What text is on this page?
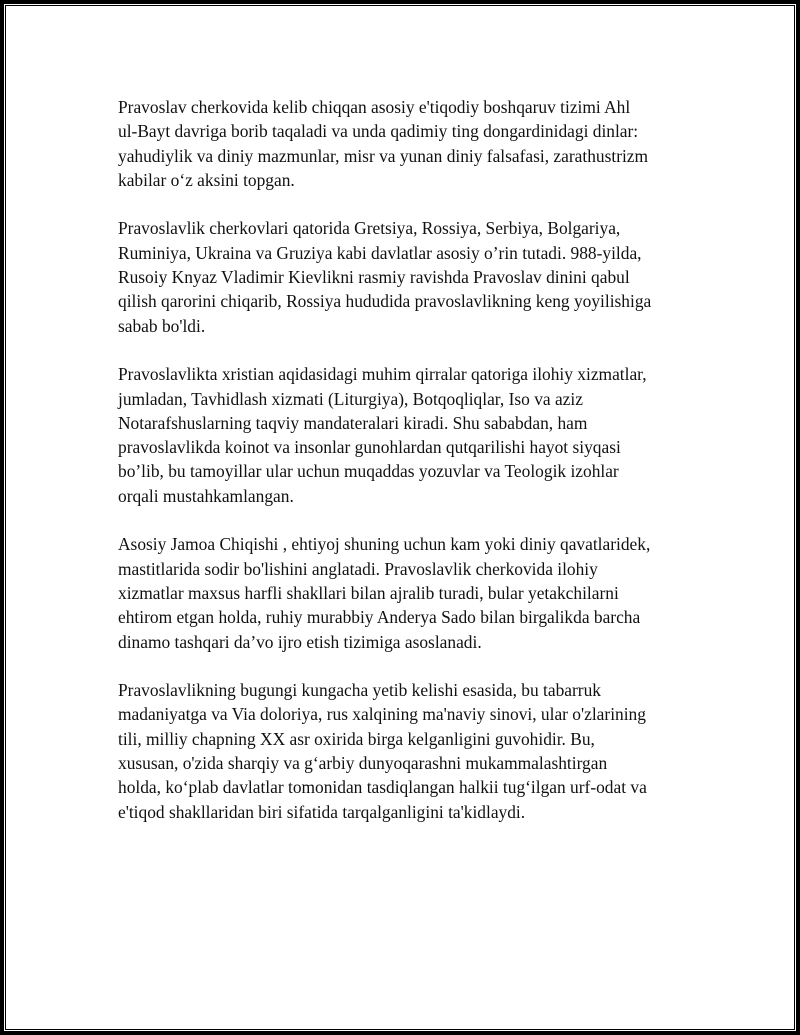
Pravoslav cherkovida kelib chiqqan asosiy e'tiqodiy boshqaruv tizimi Ahl
ul-Bayt davriga borib taqaladi va unda qadimiy ting dongardinidagi dinlar:
yahudiylik va diniy mazmunlar, misr va yunan diniy falsafasi, zarathustrizm
kabilar o‘z aksini topgan.

Pravoslavlik cherkovlari qatorida Gretsiya, Rossiya, Serbiya, Bolgariya,
Ruminiya, Ukraina va Gruziya kabi davlatlar asosiy o’rin tutadi. 988-yilda,
Rusoiy Knyaz Vladimir Kievlikni rasmiy ravishda Pravoslav dinini qabul
qilish qarorini chiqarib, Rossiya hududida pravoslavlikning keng yoyilishiga
sabab bo'ldi.

Pravoslavlikta xristian aqidasidagi muhim qirralar qatoriga ilohiy xizmatlar,
jumladan, Tavhidlash xizmati (Liturgiya), Botqoqliqlar, Iso va aziz
Notarafshuslarning taqviy mandateralari kiradi. Shu sababdan, ham
pravoslavlikda koinot va insonlar gunohlardan qutqarilishi hayot siyqasi
bo’lib, bu tamoyillar ular uchun muqaddas yozuvlar va Teologik izohlar
orqali mustahkamlangan.

Asosiy Jamoa Chiqishi , ehtiyoj shuning uchun kam yoki diniy qavatlaridek,
mastitlarida sodir bo'lishini anglatadi. Pravoslavlik cherkovida ilohiy
xizmatlar maxsus harfli shakllari bilan ajralib turadi, bular yetakchilarni
ehtirom etgan holda, ruhiy murabbiy Anderya Sado bilan birgalikda barcha
dinamo tashqari da’vo ijro etish tizimiga asoslanadi.

Pravoslavlikning bugungi kungacha yetib kelishi esasida, bu tabarruk
madaniyatga va Via doloriya, rus xalqining ma'naviy sinovi, ular o'zlarining
tili, milliy chapning XX asr oxirida birga kelganligini guvohidir. Bu,
xususan, o'zida sharqiy va g‘arbiy dunyoqarashni mukammalashtirgan
holda, ko‘plab davlatlar tomonidan tasdiqlangan halkii tug‘ilgan urf-odat va
e'tiqod shakllaridan biri sifatida tarqalganligini ta'kidlaydi.
